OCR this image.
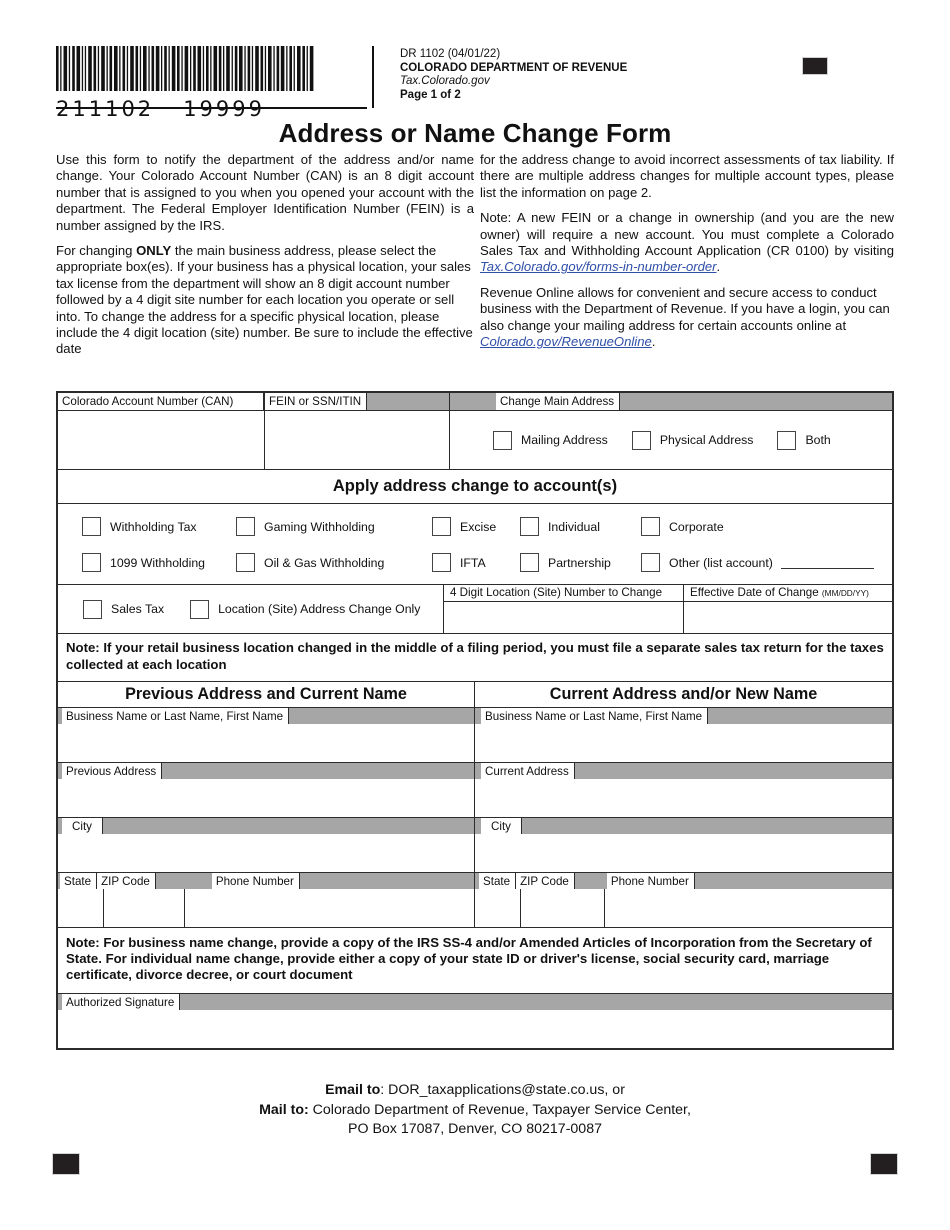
211102   19999
DR 1102 (04/01/22)
COLORADO DEPARTMENT OF REVENUE
Tax.Colorado.gov
Page 1 of 2
Address or Name Change Form

Use this form to notify the department of the address and/or name change. Your Colorado Account Number (CAN) is an 8 digit account number that is assigned to you when you opened your account with the department. The Federal Employer Identification Number (FEIN) is a number assigned by the IRS.

For changing ONLY the main business address, please select the appropriate box(es). If your business has a physical location, your sales tax license from the department will show an 8 digit account number followed by a 4 digit site number for each location you operate or sell into. To change the address for a specific physical location, please include the 4 digit location (site) number. Be sure to include the effective date

for the address change to avoid incorrect assessments of tax liability. If there are multiple address changes for multiple account types, please list the information on page 2.

Note: A new FEIN or a change in ownership (and you are the new owner) will require a new account. You must complete a Colorado Sales Tax and Withholding Account Application (CR 0100) by visiting Tax.Colorado.gov/forms-in-number-order.

Revenue Online allows for convenient and secure access to conduct business with the Department of Revenue. If you have a login, you can also change your mailing address for certain accounts online at Colorado.gov/RevenueOnline.

Colorado Account Number (CAN)	FEIN or SSN/ITIN	Change Main Address
Mailing Address	Physical Address	Both
Apply address change to account(s)
Withholding Tax	Gaming Withholding	Excise	Individual	Corporate
1099 Withholding	Oil & Gas Withholding	IFTA	Partnership	Other (list account)
Sales Tax	Location (Site) Address Change Only
4 Digit Location (Site) Number to Change	Effective Date of Change (MM/DD/YY)
Note: If your retail business location changed in the middle of a filing period, you must file a separate sales tax return for the taxes collected at each location
Previous Address and Current Name	Current Address and/or New Name
Business Name or Last Name, First Name	Business Name or Last Name, First Name
Previous Address	Current Address
City	City
State ZIP Code	Phone Number	State ZIP Code	Phone Number
Note: For business name change, provide a copy of the IRS SS-4 and/or Amended Articles of Incorporation from the Secretary of State. For individual name change, provide either a copy of your state ID or driver's license, social security card, marriage certificate, divorce decree, or court document
Authorized Signature
Email to: DOR_taxapplications@state.co.us, or
Mail to: Colorado Department of Revenue, Taxpayer Service Center,
PO Box 17087, Denver, CO 80217-0087
